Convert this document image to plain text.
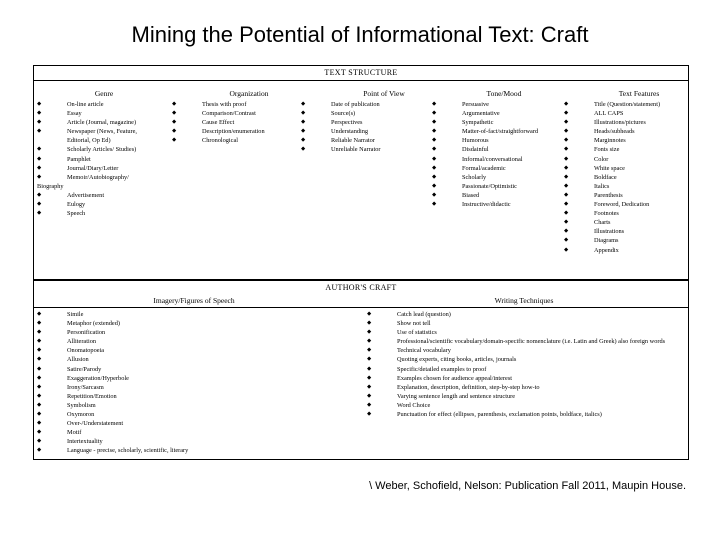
Mining the Potential of Informational Text: Craft
TEXT STRUCTURE
Genre
◆ On-line article
◆ Essay
◆ Article (Journal, magazine)
◆ Newspaper (News, Feature,
Editorial, Op Ed)
◆ Scholarly Articles/ Studies)
◆ Pamphlet
◆ Journal/Diary/Letter
◆ Memoir/Autobiography/
Biography
◆ Advertisement
◆ Eulogy
◆ Speech
Organization
◆ Thesis with proof
◆ Comparison/Contrast
◆ Cause Effect
◆ Description/enumeration
◆ Chronological
Point of View
◆ Date of publication
◆ Source(s)
◆ Perspectives
◆ Understanding
◆ Reliable Narrator
◆ Unreliable Narrator
Tone/Mood
◆ Persuasive
◆ Argumentative
◆ Sympathetic
◆ Matter-of-fact/straightforward
◆ Humorous
◆ Disdainful
◆ Informal/conversational
◆ Formal/academic
◆ Scholarly
◆ Passionate/Optimistic
◆ Biased
◆ Instructive/didactic
Text Features
◆ Title (Question/statement)
◆ ALL CAPS
◆ Illustrations/pictures
◆ Heads/subheads
◆ Marginnotes
◆ Fonts size
◆ Color
◆ White space
◆ Boldface
◆ Italics
◆ Parenthesis
◆ Foreword, Dedication
◆ Footnotes
◆ Charts
◆ Illustrations
◆ Diagrams
◆ Appendix
AUTHOR'S CRAFT
Imagery/Figures of Speech	Writing Techniques
◆ Simile
◆ Metaphor (extended)
◆ Personification
◆ Alliteration
◆ Onomatopoeia
◆ Allusion
◆ Satire/Parody
◆ Exaggeration/Hyperbole
◆ Irony/Sarcasm
◆ Repetition/Emotion
◆ Symbolism
◆ Oxymoron
◆ Over-/Understatement
◆ Motif
◆ Intertextuality
◆ Language - precise, scholarly, scientific, literary
◆ Catch lead (question)
◆ Show not tell
◆ Use of statistics
◆ Professional/scientific vocabulary/domain-specific nomenclature (i.e. Latin and Greek) also foreign words
◆ Technical vocabulary
◆ Quoting experts, citing books, articles, journals
◆ Specific/detailed examples to proof
◆ Examples chosen for audience appeal/interest
◆ Explanation, description, definition, step-by-step how-to
◆ Varying sentence length and sentence structure
◆ Word Choice
◆ Punctuation for effect (ellipses, parenthesis, exclamation points, boldface, italics)
\ Weber, Schofield, Nelson: Publication Fall 2011, Maupin House.
